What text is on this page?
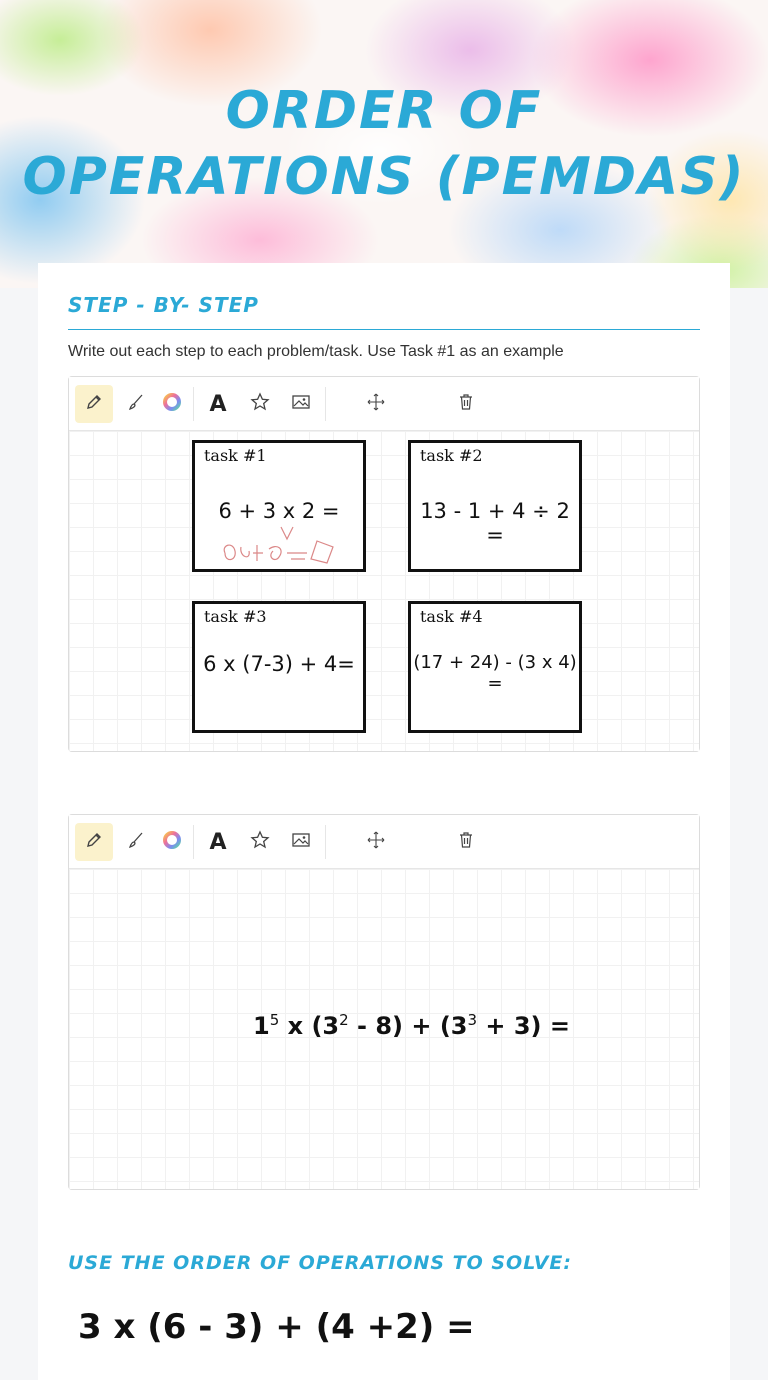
ORDER OF
OPERATIONS (PEMDAS)
STEP - BY- STEP
Write out each step to each problem/task. Use Task #1 as an example
A
task #1
6 + 3 x 2 =
task #2
13 - 1 + 4 ÷ 2 =
task #3
6 x (7-3) + 4=
task #4
(17 + 24) - (3 x 4) =
A
$1^5$ x $(3^2 - 8) + (3^3 + 3)$ =
USE THE ORDER OF OPERATIONS TO SOLVE:
3 x (6 - 3) + (4 +2) =
